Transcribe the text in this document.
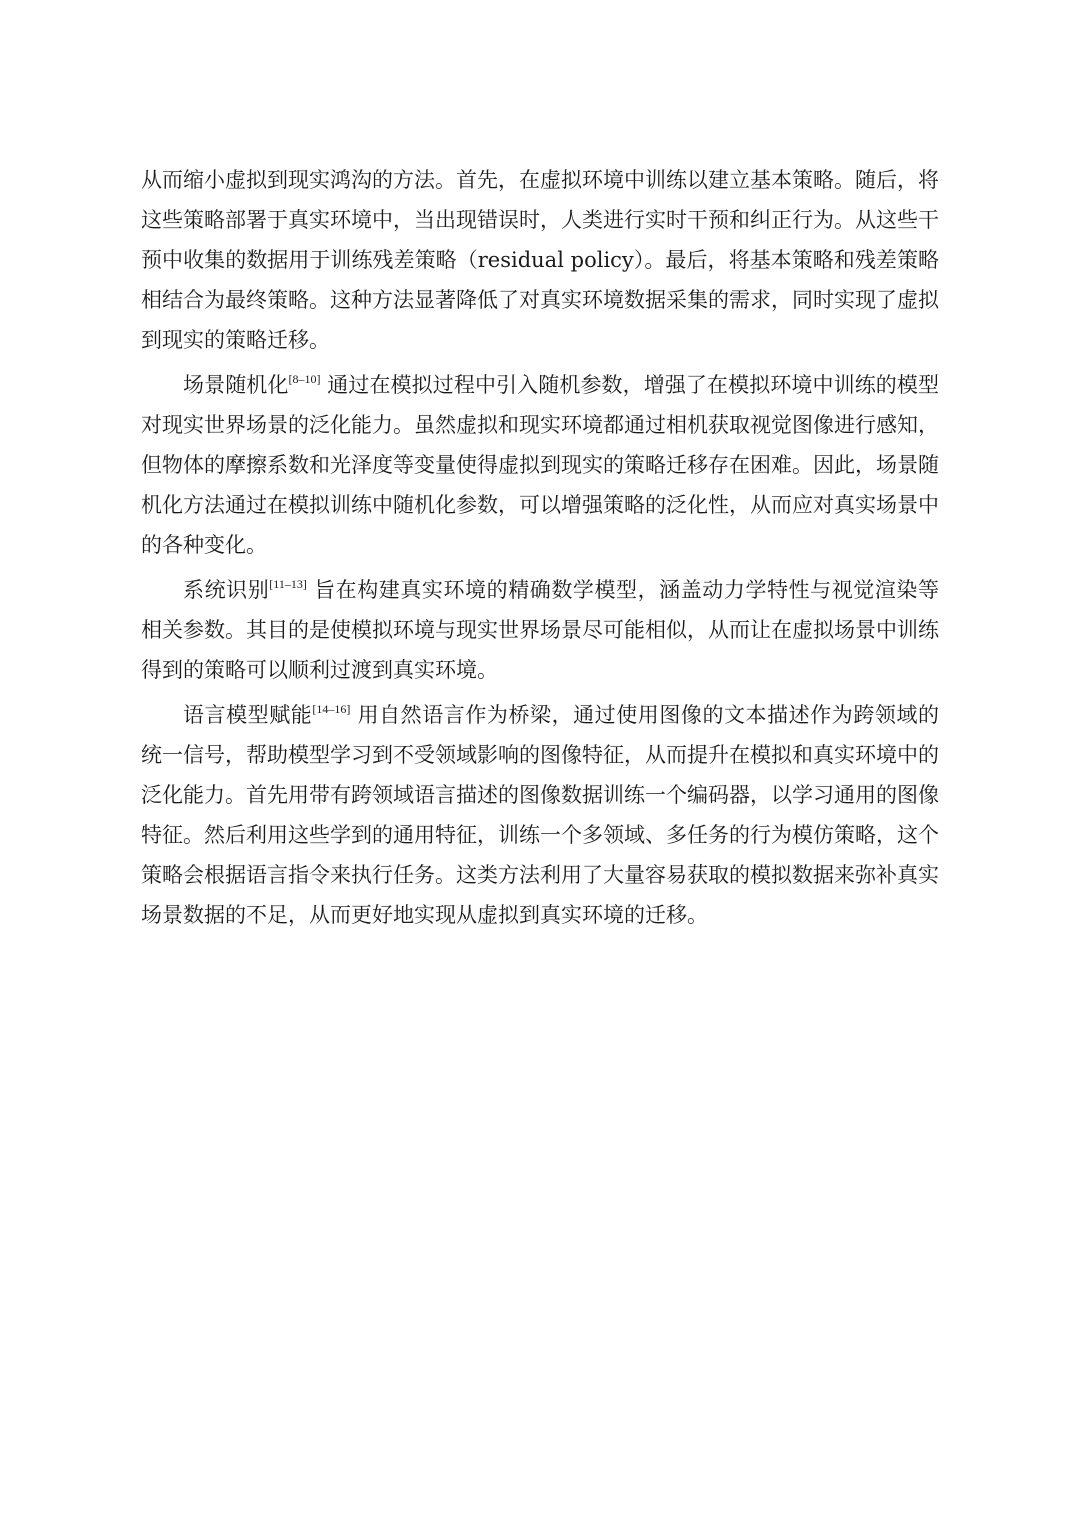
从而缩小虚拟到现实鸿沟的方法。首先，在虚拟环境中训练以建立基本策略。随后，将这些策略部署于真实环境中，当出现错误时，人类进行实时干预和纠正行为。从这些干预中收集的数据用于训练残差策略（residual policy）。最后，将基本策略和残差策略相结合为最终策略。这种方法显著降低了对真实环境数据采集的需求，同时实现了虚拟到现实的策略迁移。

场景随机化[8–10] 通过在模拟过程中引入随机参数，增强了在模拟环境中训练的模型对现实世界场景的泛化能力。虽然虚拟和现实环境都通过相机获取视觉图像进行感知，但物体的摩擦系数和光泽度等变量使得虚拟到现实的策略迁移存在困难。因此，场景随机化方法通过在模拟训练中随机化参数，可以增强策略的泛化性，从而应对真实场景中的各种变化。

系统识别[11–13] 旨在构建真实环境的精确数学模型，涵盖动力学特性与视觉渲染等相关参数。其目的是使模拟环境与现实世界场景尽可能相似，从而让在虚拟场景中训练得到的策略可以顺利过渡到真实环境。

语言模型赋能[14–16] 用自然语言作为桥梁，通过使用图像的文本描述作为跨领域的统一信号，帮助模型学习到不受领域影响的图像特征，从而提升在模拟和真实环境中的泛化能力。首先用带有跨领域语言描述的图像数据训练一个编码器，以学习通用的图像特征。然后利用这些学到的通用特征，训练一个多领域、多任务的行为模仿策略，这个策略会根据语言指令来执行任务。这类方法利用了大量容易获取的模拟数据来弥补真实场景数据的不足，从而更好地实现从虚拟到真实环境的迁移。
